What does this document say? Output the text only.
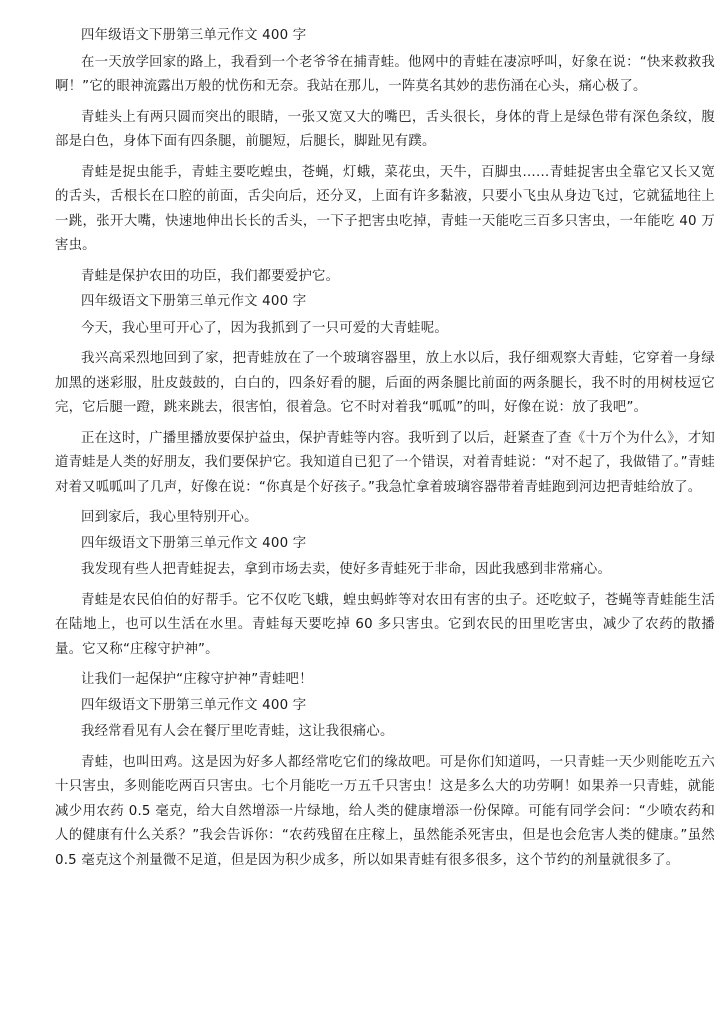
四年级语文下册第三单元作文 400 字

在一天放学回家的路上，我看到一个老爷爷在捕青蛙。他网中的青蛙在凄凉呼叫，好象在说：“快来救救我啊！”它的眼神流露出万般的忧伤和无奈。我站在那儿，一阵莫名其妙的悲伤涌在心头，痛心极了。

青蛙头上有两只圆而突出的眼睛，一张又宽又大的嘴巴，舌头很长，身体的背上是绿色带有深色条纹，腹部是白色，身体下面有四条腿，前腿短，后腿长，脚趾见有蹼。

青蛙是捉虫能手，青蛙主要吃蝗虫，苍蝇，灯蛾，菜花虫，天牛，百脚虫……青蛙捉害虫全靠它又长又宽的舌头，舌根长在口腔的前面，舌尖向后，还分叉，上面有许多黏液，只要小飞虫从身边飞过，它就猛地往上一跳，张开大嘴，快速地伸出长长的舌头，一下子把害虫吃掉，青蛙一天能吃三百多只害虫，一年能吃 40 万害虫。

青蛙是保护农田的功臣，我们都要爱护它。

四年级语文下册第三单元作文 400 字

今天，我心里可开心了，因为我抓到了一只可爱的大青蛙呢。

我兴高采烈地回到了家，把青蛙放在了一个玻璃容器里，放上水以后，我仔细观察大青蛙，它穿着一身绿加黑的迷彩服，肚皮鼓鼓的，白白的，四条好看的腿，后面的两条腿比前面的两条腿长，我不时的用树枝逗它完，它后腿一蹬，跳来跳去，很害怕，很着急。它不时对着我“呱呱”的叫，好像在说：放了我吧”。

正在这时，广播里播放要保护益虫，保护青蛙等内容。我听到了以后，赶紧查了查《十万个为什么》，才知道青蛙是人类的好朋友，我们要保护它。我知道自已犯了一个错误，对着青蛙说：“对不起了，我做错了。”青蛙对着又呱呱叫了几声，好像在说：“你真是个好孩子。”我急忙拿着玻璃容器带着青蛙跑到河边把青蛙给放了。

回到家后，我心里特别开心。

四年级语文下册第三单元作文 400 字

我发现有些人把青蛙捉去，拿到市场去卖，使好多青蛙死于非命，因此我感到非常痛心。

青蛙是农民伯伯的好帮手。它不仅吃飞蛾，蝗虫蚂蚱等对农田有害的虫子。还吃蚊子，苍蝇等青蛙能生活在陆地上，也可以生活在水里。青蛙每天要吃掉 60 多只害虫。它到农民的田里吃害虫，减少了农药的散播量。它又称“庄稼守护神”。

让我们一起保护“庄稼守护神”青蛙吧！

四年级语文下册第三单元作文 400 字

我经常看见有人会在餐厅里吃青蛙，这让我很痛心。

青蛙，也叫田鸡。这是因为好多人都经常吃它们的缘故吧。可是你们知道吗，一只青蛙一天少则能吃五六十只害虫，多则能吃两百只害虫。七个月能吃一万五千只害虫！这是多么大的功劳啊！如果养一只青蛙，就能减少用农药 0.5 毫克，给大自然增添一片绿地，给人类的健康增添一份保障。可能有同学会问：“少喷农药和人的健康有什么关系？”我会告诉你：“农药残留在庄稼上，虽然能杀死害虫，但是也会危害人类的健康。”虽然 0.5 毫克这个剂量微不足道，但是因为积少成多，所以如果青蛙有很多很多，这个节约的剂量就很多了。
